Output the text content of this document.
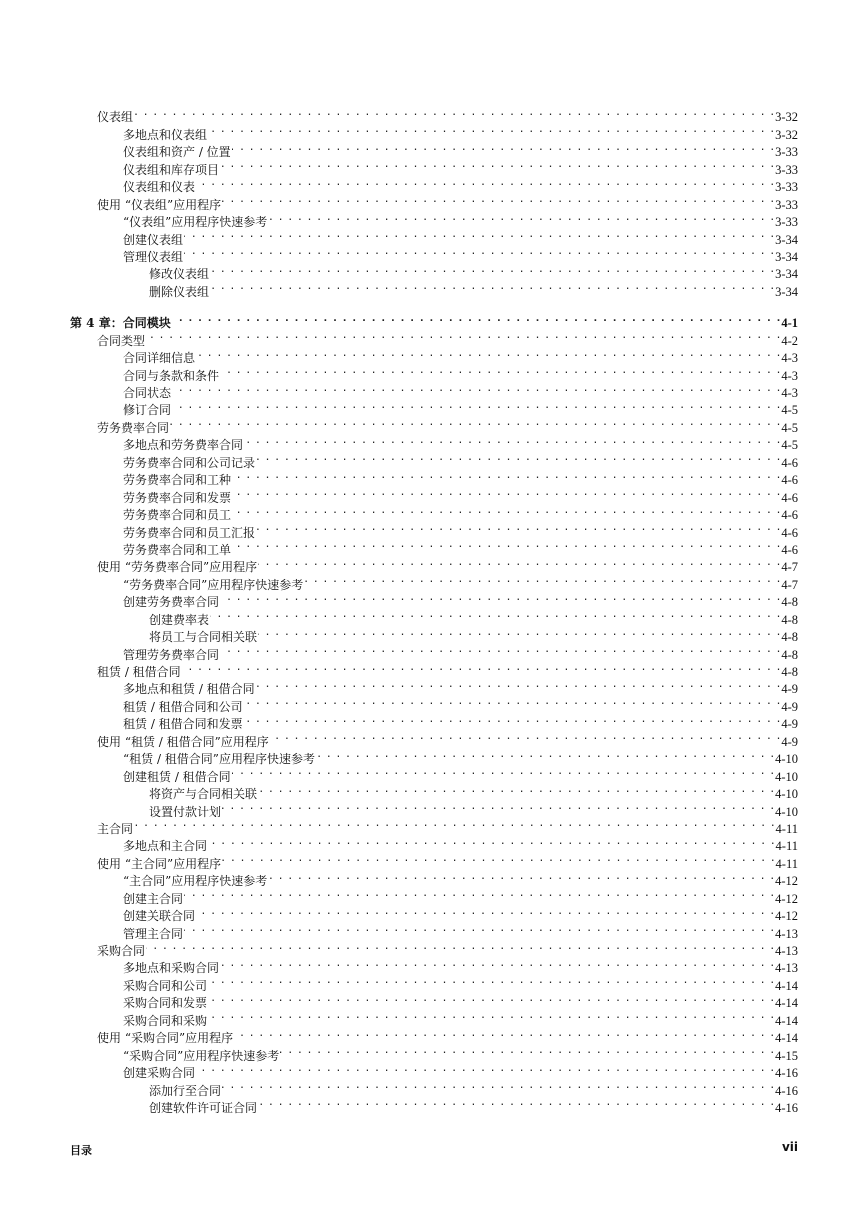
仪表组 . . .	3-32
多地点和仪表组 . . .	3-32
仪表组和资产 / 位置 . . .	3-33
仪表组和库存项目 . . .	3-33
仪表组和仪表 . . .	3-33
使用 “仪表组”应用程序 . . .	3-33
“仪表组”应用程序快速参考 . . .	3-33
创建仪表组 . . .	3-34
管理仪表组 . . .	3-34
修改仪表组 . . .	3-34
删除仪表组 . . .	3-34
第 4 章：合同模块 . . .	4-1
合同类型 . . .	4-2
合同详细信息 . . .	4-3
合同与条款和条件 . . .	4-3
合同状态 . . .	4-3
修订合同 . . .	4-5
劳务费率合同 . . .	4-5
多地点和劳务费率合同 . . .	4-5
劳务费率合同和公司记录 . . .	4-6
劳务费率合同和工种 . . .	4-6
劳务费率合同和发票 . . .	4-6
劳务费率合同和员工 . . .	4-6
劳务费率合同和员工汇报 . . .	4-6
劳务费率合同和工单 . . .	4-6
使用 “劳务费率合同”应用程序 . . .	4-7
“劳务费率合同”应用程序快速参考 . . .	4-7
创建劳务费率合同 . . .	4-8
创建费率表 . . .	4-8
将员工与合同相关联 . . .	4-8
管理劳务费率合同 . . .	4-8
租赁 / 租借合同 . . .	4-8
多地点和租赁 / 租借合同 . . .	4-9
租赁 / 租借合同和公司 . . .	4-9
租赁 / 租借合同和发票 . . .	4-9
使用 “租赁 / 租借合同”应用程序 . . .	4-9
“租赁 / 租借合同”应用程序快速参考 . . .	4-10
创建租赁 / 租借合同 . . .	4-10
将资产与合同相关联 . . .	4-10
设置付款计划 . . .	4-10
主合同 . . .	4-11
多地点和主合同 . . .	4-11
使用 “主合同”应用程序 . . .	4-11
“主合同”应用程序快速参考 . . .	4-12
创建主合同 . . .	4-12
创建关联合同 . . .	4-12
管理主合同 . . .	4-13
采购合同 . . .	4-13
多地点和采购合同 . . .	4-13
采购合同和公司 . . .	4-14
采购合同和发票 . . .	4-14
采购合同和采购 . . .	4-14
使用 “采购合同”应用程序 . . .	4-14
“采购合同”应用程序快速参考 . . .	4-15
创建采购合同 . . .	4-16
添加行至合同 . . .	4-16
创建软件许可证合同 . . .	4-16
目录	vii
